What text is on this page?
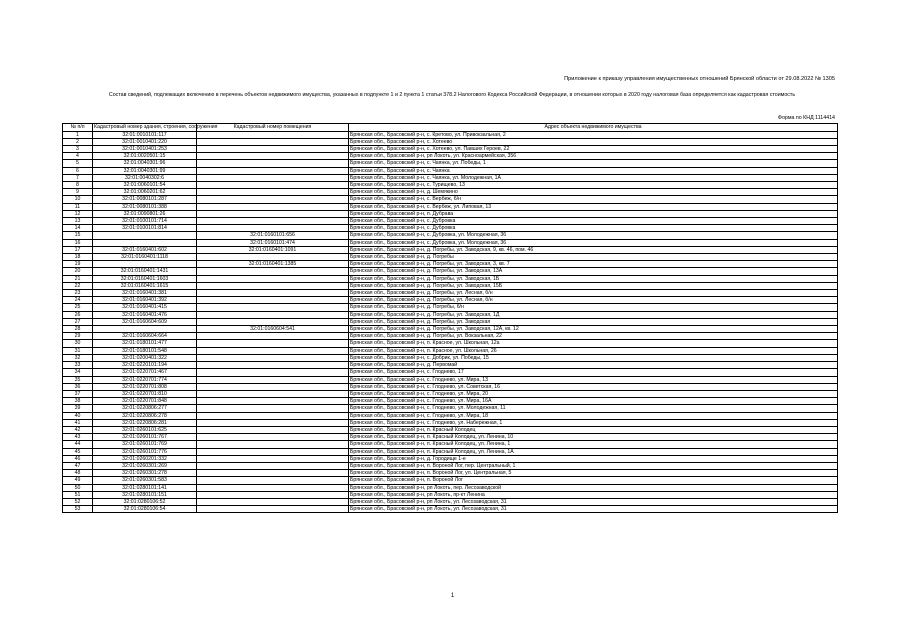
Приложение к приказу управления имущественных отношений Брянской области от 29.08.2022 № 1305
Состав сведений, подлежащих включению в перечень объектов недвижимого имущества, указанных в подпункте 1 и 2 пункта 1 статьи 378.2 Налогового Кодекса Российской Федерации, в отношении которых в 2020 году налоговая база определяется как кадастровая стоимость
Форма по КНД 1114414
№ п/п	Кадастровый номер здания, строения, сооружения	Кадастровый номер помещения	Адрес объекта недвижимого имущества
1	32:01:0010101:117		Брянская обл., Брасовский р-н, с. Кретово, ул. Привокзальная, 2
2	32:01:0010401:220		Брянская обл., Брасовский р-н, с. Хотеево
3	32:01:0010401:253		Брянская обл., Брасовский р-н, с. Хотеево, ул. Павших Героев, 22
4	32:01:0020501:15		Брянская обл., Брасовский р-н, рп Локоть, ул. Красноармейская, 356
5	32:01:0040301:96		Брянская обл., Брасовский р-н, с. Чаянка, ул. Победы, 1
6	32:01:0040301:99		Брянская обл., Брасовский р-н, с. Чаянка
7	32:01:0040302:6		Брянская обл., Брасовский р-н, с. Чаянка, ул. Молодежная, 1А
8	32:01:0060101:54		Брянская обл., Брасовский р-н, с. Турищево, 13
9	32:01:0060201:62		Брянская обл., Брасовский р-н, д. Шемякино
10	32:01:0080101:287		Брянская обл., Брасовский р-н, с. Вербеж, б/н
11	32:01:0080101:388		Брянская обл., Брасовский р-н, с. Вербеж, ул. Липовая, 13
12	32:01:0090801:26		Брянская обл., Брасовский р-н, п. Дубрава
13	32:01:0100101:714		Брянская обл., Брасовский р-н, с. Дубровка
14	32:01:0100101:814		Брянская обл., Брасовский р-н, с. Дубровка
15		32:01:0160101:656	Брянская обл., Брасовский р-н, с. Дубровка, ул. Молодежная, 36
16		32:01:0160101:474	Брянская обл., Брасовский р-н, с. Дубровка, ул. Молодежная, 36
17	32:01:0160401:602	32:01:0160401:1091	Брянская обл., Брасовский р-н, д. Погребы, ул. Заводская, 9, кв. 46, пом. 46
18	32:01:0160401:1118		Брянская обл., Брасовский р-н, д. Погребы
19		32:01:0160401:1385	Брянская обл., Брасовский р-н, д. Погребы, ул. Заводская, 3, кв. 7
20	32:01:0160401:1431		Брянская обл., Брасовский р-н, д. Погребы, ул. Заводская, 13А
21	32:01:0160401:1603		Брянская обл., Брасовский р-н, д. Погребы, ул. Заводская, 1Б
22	32:01:0160401:1615		Брянская обл., Брасовский р-н, д. Погребы, ул. Заводская, 15Б
23	32:01:0160401:381		Брянская обл., Брасовский р-н, д. Погребы, ул. Лесная, б/н
24	32:01:0160401:392		Брянская обл., Брасовский р-н, д. Погребы, ул. Лесная, б/н
25	32:01:0160401:415		Брянская обл., Брасовский р-н, д. Погребы, б/н
26	32:01:0160401:476		Брянская обл., Брасовский р-н, д. Погребы, ул. Заводская, 1Д
27	32:01:0160604:609		Брянская обл., Брасовский р-н, д. Погребы, ул. Заводская
28		32:01:0160604:541	Брянская обл., Брасовский р-н, д. Погребы, ул. Заводская, 12А, кв. 12
29	32:01:0160604:664		Брянская обл., Брасовский р-н, д. Погребы, ул. Вокзальная, 22
30	32:01:0180101:477		Брянская обл., Брасовский р-н, п. Красное, ул. Школьная, 12а
31	32:01:0180101:548		Брянская обл., Брасовский р-н, п. Красное, ул. Школьная, 26
32	32:01:0200401:322		Брянская обл., Брасовский р-н, с. Добрик, ул. Победы, 15
33	32:01:0220101:194		Брянская обл., Брасовский р-н, д. Первомай
34	32:01:0220701:467		Брянская обл., Брасовский р-н, с. Глоднево, 17
35	32:01:0220701:774		Брянская обл., Брасовский р-н, с. Глоднево, ул. Мира, 13
36	32:01:0220701:808		Брянская обл., Брасовский р-н, с. Глоднево, ул. Советская, 16
37	32:01:0220701:810		Брянская обл., Брасовский р-н, с. Глоднево, ул. Мира, 20
38	32:01:0220701:848		Брянская обл., Брасовский р-н, с. Глоднево, ул. Мира, 16А
39	32:01:0220806:277		Брянская обл., Брасовский р-н, с. Глоднево, ул. Молодежная, 11
40	32:01:0220806:278		Брянская обл., Брасовский р-н, с. Глоднево, ул. Мира, 18
41	32:01:0220806:281		Брянская обл., Брасовский р-н, с. Глоднево, ул. Набережная, 1
42	32:01:0260101:625		Брянская обл., Брасовский р-н, п. Красный Колодец
43	32:01:0260101:767		Брянская обл., Брасовский р-н, п. Красный Колодец, ул. Ленина, 10
44	32:01:0260101:769		Брянская обл., Брасовский р-н, п. Красный Колодец, ул. Ленина, 1
45	32:01:0260101:776		Брянская обл., Брасовский р-н, п. Красный Колодец, ул. Ленина, 1А
46	32:01:0260201:332		Брянская обл., Брасовский р-н, д. Городище 1-е
47	32:01:0260301:269		Брянская обл., Брасовский р-н, п. Вороной Лог, пер. Центральный, 1
48	32:01:0260301:278		Брянская обл., Брасовский р-н, п. Вороной Лог, ул. Центральная, 5
49	32:01:0260301:583		Брянская обл., Брасовский р-н, п. Вороной Лог
50	32:01:0280101:141		Брянская обл., Брасовский р-н, рп Локоть, пер. Лесозаводской
51	32:01:0280101:151		Брянская обл., Брасовский р-н, рп Локоть, пр-кт Ленина
52	32:01:0280106:52		Брянская обл., Брасовский р-н, рп Локоть, ул. Лесозаводская, 31
53	32:01:0280106:54		Брянская обл., Брасовский р-н, рп Локоть, ул. Лесозаводская, 31
1
